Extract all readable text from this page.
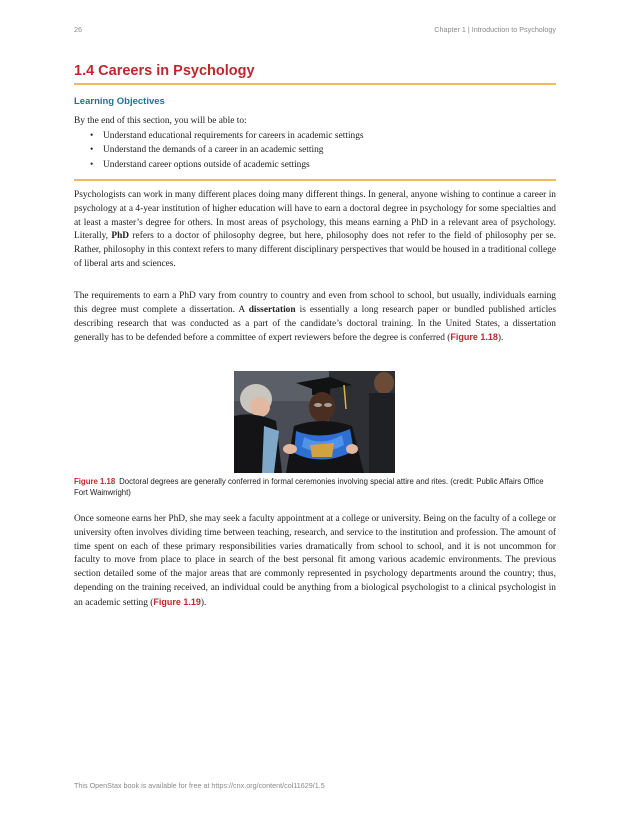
26	Chapter 1 | Introduction to Psychology
1.4 Careers in Psychology
Learning Objectives
By the end of this section, you will be able to:
• Understand educational requirements for careers in academic settings
• Understand the demands of a career in an academic setting
• Understand career options outside of academic settings

Psychologists can work in many different places doing many different things. In general, anyone wishing to continue a career in psychology at a 4-year institution of higher education will have to earn a doctoral degree in psychology for some specialties and at least a master’s degree for others. In most areas of psychology, this means earning a PhD in a relevant area of psychology. Literally, PhD refers to a doctor of philosophy degree, but here, philosophy does not refer to the field of philosophy per se. Rather, philosophy in this context refers to many different disciplinary perspectives that would be housed in a traditional college of liberal arts and sciences.

The requirements to earn a PhD vary from country to country and even from school to school, but usually, individuals earning this degree must complete a dissertation. A dissertation is essentially a long research paper or bundled published articles describing research that was conducted as a part of the candidate’s doctoral training. In the United States, a dissertation generally has to be defended before a committee of expert reviewers before the degree is conferred (Figure 1.18).

Figure 1.18 Doctoral degrees are generally conferred in formal ceremonies involving special attire and rites. (credit: Public Affairs Office Fort Wainwright)

Once someone earns her PhD, she may seek a faculty appointment at a college or university. Being on the faculty of a college or university often involves dividing time between teaching, research, and service to the institution and profession. The amount of time spent on each of these primary responsibilities varies dramatically from school to school, and it is not uncommon for faculty to move from place to place in search of the best personal fit among various academic environments. The previous section detailed some of the major areas that are commonly represented in psychology departments around the country; thus, depending on the training received, an individual could be anything from a biological psychologist to a clinical psychologist in an academic setting (Figure 1.19).

This OpenStax book is available for free at https://cnx.org/content/col11629/1.5
